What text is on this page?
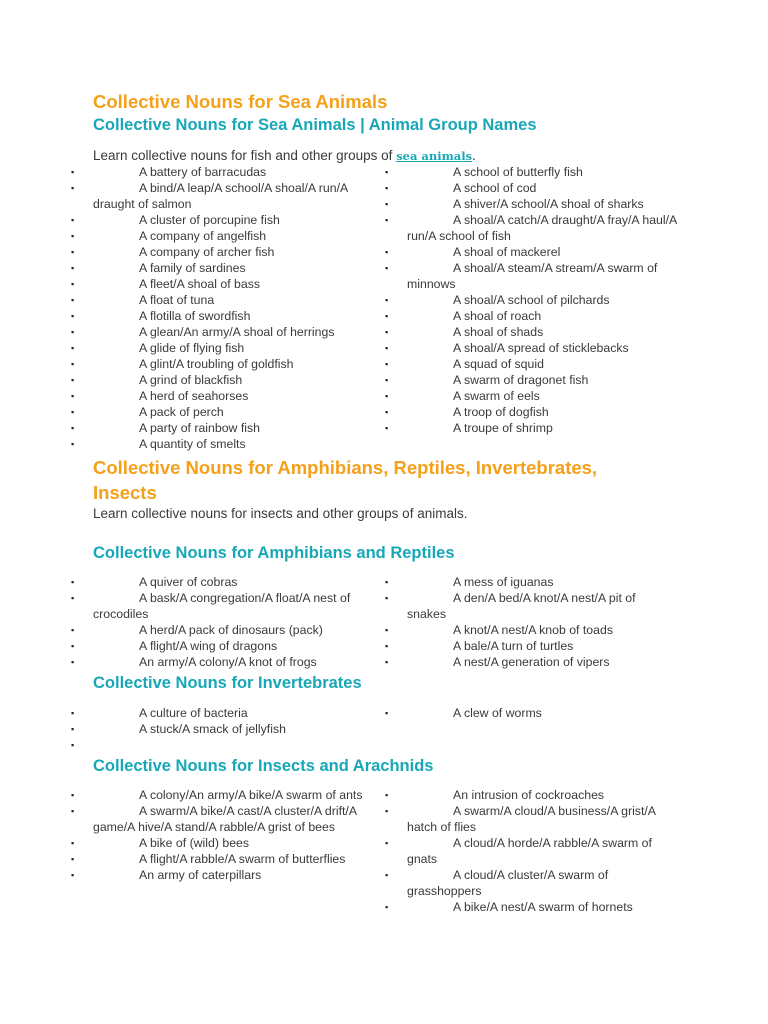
Collective Nouns for Sea Animals
Collective Nouns for Sea Animals | Animal Group Names

Learn collective nouns for fish and other groups of sea animals.

▪	A battery of barracudas
▪	A bind/A leap/A school/A shoal/A run/A draught of salmon
▪	A cluster of porcupine fish
▪	A company of angelfish
▪	A company of archer fish
▪	A family of sardines
▪	A fleet/A shoal of bass
▪	A float of tuna
▪	A flotilla of swordfish
▪	A glean/An army/A shoal of herrings
▪	A glide of flying fish
▪	A glint/A troubling of goldfish
▪	A grind of blackfish
▪	A herd of seahorses
▪	A pack of perch
▪	A party of rainbow fish
▪	A quantity of smelts
▪	A school of butterfly fish
▪	A school of cod
▪	A shiver/A school/A shoal of sharks
▪	A shoal/A catch/A draught/A fray/A haul/A run/A school of fish
▪	A shoal of mackerel
▪	A shoal/A steam/A stream/A swarm of minnows
▪	A shoal/A school of pilchards
▪	A shoal of roach
▪	A shoal of shads
▪	A shoal/A spread of sticklebacks
▪	A squad of squid
▪	A swarm of dragonet fish
▪	A swarm of eels
▪	A troop of dogfish
▪	A troupe of shrimp
Collective Nouns for Amphibians, Reptiles, Invertebrates, Insects

Learn collective nouns for insects and other groups of animals.

Collective Nouns for Amphibians and Reptiles
▪	A quiver of cobras
▪	A bask/A congregation/A float/A nest of crocodiles
▪	A herd/A pack of dinosaurs (pack)
▪	A flight/A wing of dragons
▪	An army/A colony/A knot of frogs
▪	A mess of iguanas
▪	A den/A bed/A knot/A nest/A pit of snakes
▪	A knot/A nest/A knob of toads
▪	A bale/A turn of turtles
▪	A nest/A generation of vipers
Collective Nouns for Invertebrates
▪	A culture of bacteria
▪	A stuck/A smack of jellyfish
▪
▪	A clew of worms
Collective Nouns for Insects and Arachnids
▪	A colony/An army/A bike/A swarm of ants
▪	A swarm/A bike/A cast/A cluster/A drift/A game/A hive/A stand/A rabble/A grist of bees
▪	A bike of (wild) bees
▪	A flight/A rabble/A swarm of butterflies
▪	An army of caterpillars
▪	An intrusion of cockroaches
▪	A swarm/A cloud/A business/A grist/A hatch of flies
▪	A cloud/A horde/A rabble/A swarm of gnats
▪	A cloud/A cluster/A swarm of grasshoppers
▪	A bike/A nest/A swarm of hornets
